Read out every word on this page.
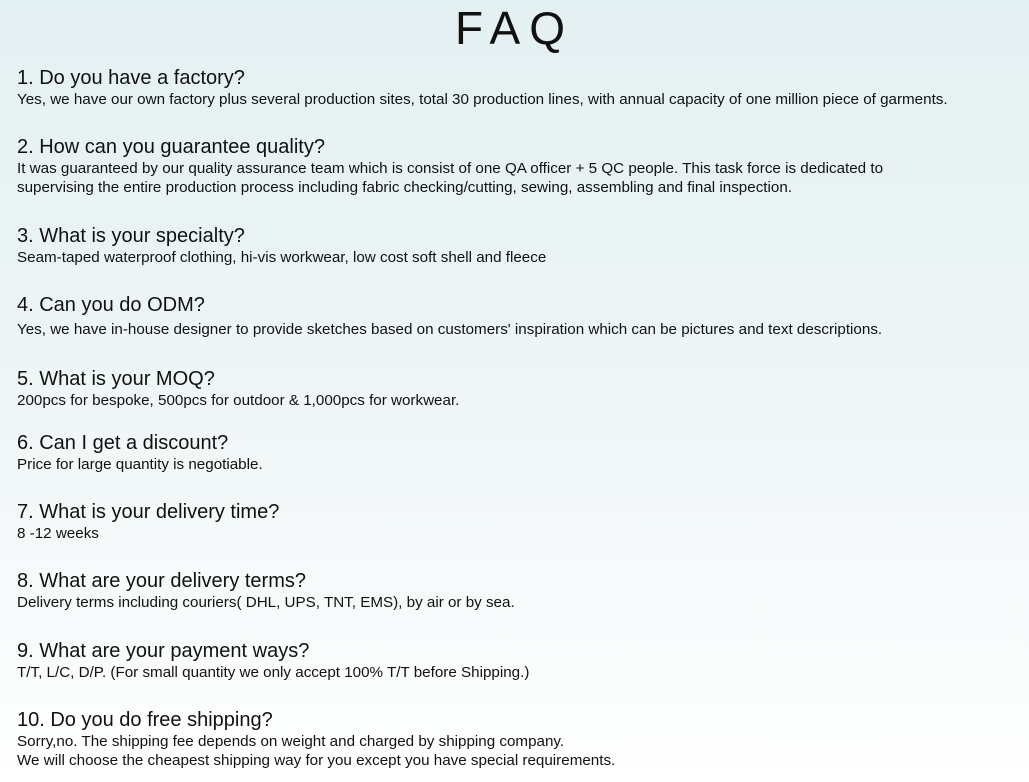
FAQ
1. Do you have a factory?

Yes, we have our own factory plus several production sites, total 30 production lines, with annual capacity of one million piece of garments.

2. How can you guarantee quality?

It was guaranteed by our quality assurance team which is consist of one QA officer + 5 QC people. This task force is dedicated to

supervising the entire production process including fabric checking/cutting, sewing, assembling and final inspection.

3. What is your specialty?

Seam-taped waterproof clothing, hi-vis workwear, low cost soft shell and fleece

4. Can you do ODM?

Yes, we have in-house designer to provide sketches based on customers' inspiration which can be pictures and text descriptions.

5. What is your MOQ?

200pcs for bespoke, 500pcs for outdoor & 1,000pcs for workwear.

6. Can I get a discount?

Price for large quantity is negotiable.

7. What is your delivery time?

8 -12 weeks

8. What are your delivery terms?

Delivery terms including couriers( DHL, UPS, TNT, EMS), by air or by sea.

9. What are your payment ways?

T/T, L/C, D/P. (For small quantity we only accept 100% T/T before Shipping.)

10. Do you do free shipping?

Sorry,no. The shipping fee depends on weight and charged by shipping company.

We will choose the cheapest shipping way for you except you have special requirements.
